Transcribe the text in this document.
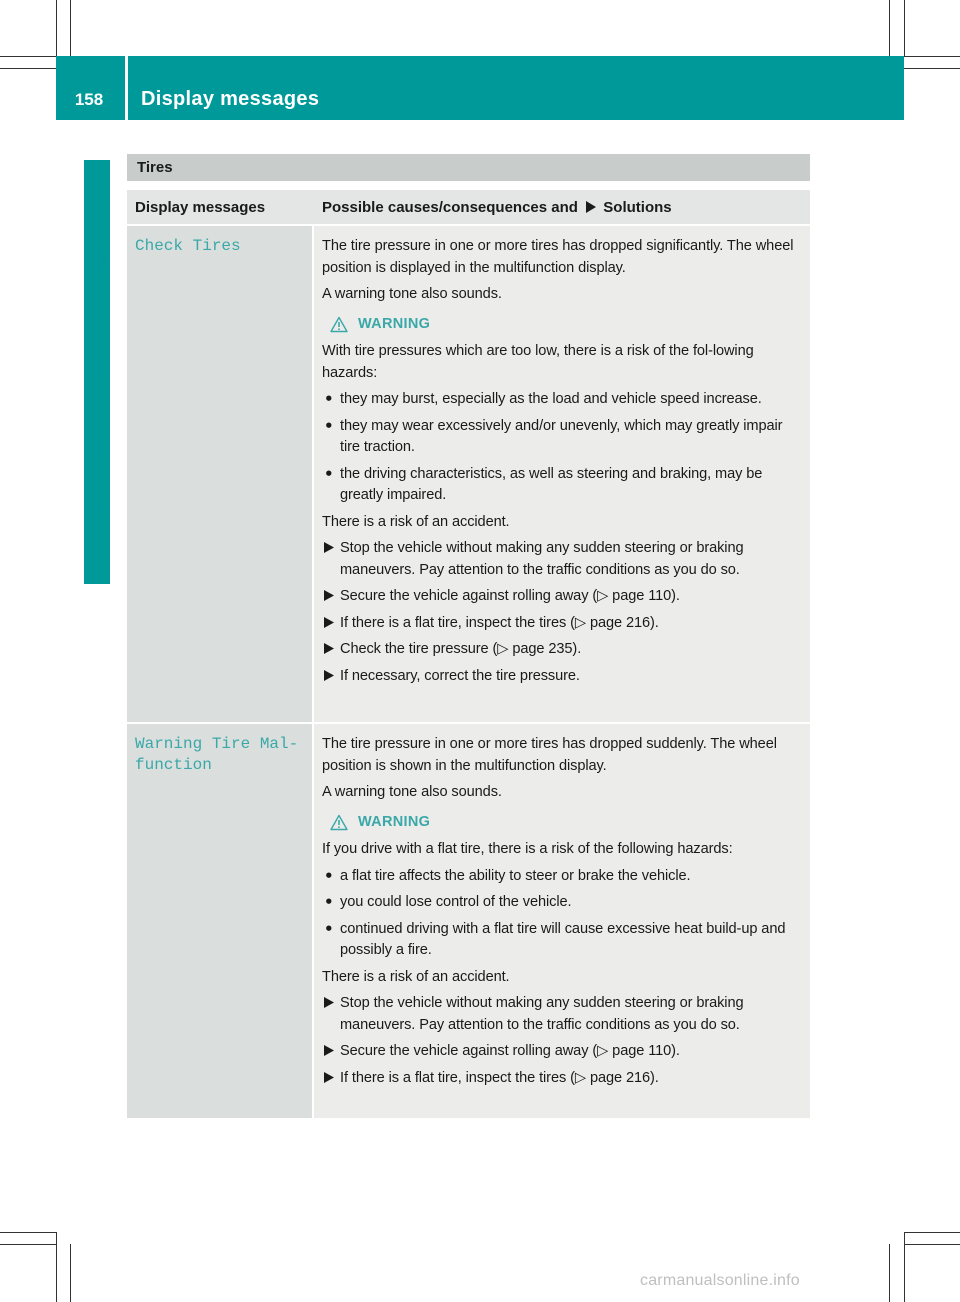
158	Display messages
On-board computer and displays
Tires
Display messages	Possible causes/consequences and Solutions
Check Tires	The tire pressure in one or more tires has dropped significantly. The wheel position is displayed in the multifunction display.

A warning tone also sounds.

WARNING

With tire pressures which are too low, there is a risk of the fol-lowing hazards:

• they may burst, especially as the load and vehicle speed increase.
• they may wear excessively and/or unevenly, which may greatly impair tire traction.
• the driving characteristics, as well as steering and braking, may be greatly impaired.

There is a risk of an accident.

Stop the vehicle without making any sudden steering or braking maneuvers. Pay attention to the traffic conditions as you do so.
Secure the vehicle against rolling away (▷ page 110).
If there is a flat tire, inspect the tires (▷ page 216).
Check the tire pressure (▷ page 235).
If necessary, correct the tire pressure.
Warning Tire Mal‐
function

The tire pressure in one or more tires has dropped suddenly. The wheel position is shown in the multifunction display.

A warning tone also sounds.

WARNING

If you drive with a flat tire, there is a risk of the following hazards:

• a flat tire affects the ability to steer or brake the vehicle.
• you could lose control of the vehicle.
• continued driving with a flat tire will cause excessive heat build-up and possibly a fire.

There is a risk of an accident.

Stop the vehicle without making any sudden steering or braking maneuvers. Pay attention to the traffic conditions as you do so.
Secure the vehicle against rolling away (▷ page 110).
If there is a flat tire, inspect the tires (▷ page 216).
carmanualsonline.info
